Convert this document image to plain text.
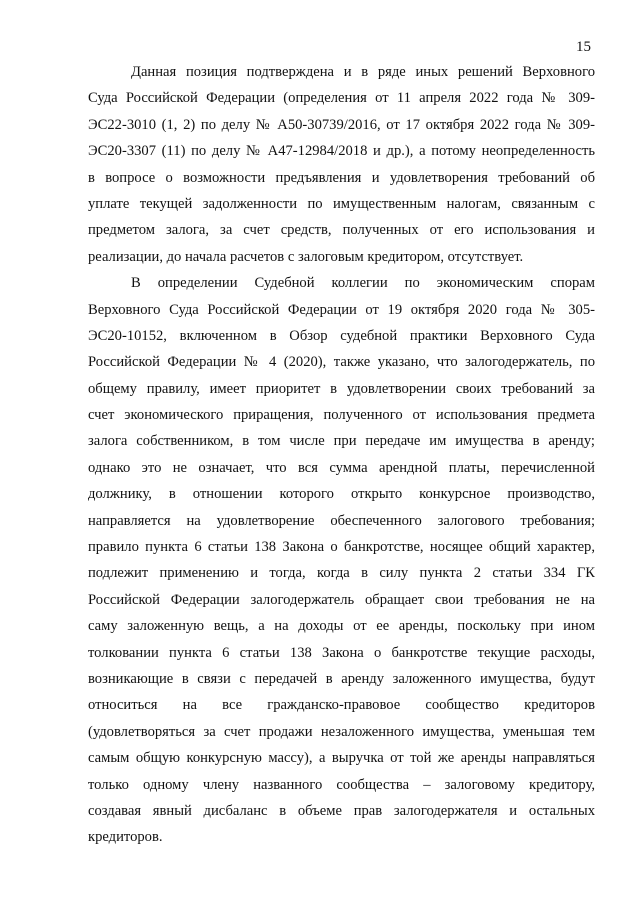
15
Данная позиция подтверждена и в ряде иных решений Верховного
Суда Российской Федерации (определения от 11 апреля 2022 года № 309-
ЭС22-3010 (1, 2) по делу № А50-30739/2016, от 17 октября 2022 года № 309-
ЭС20-3307 (11) по делу № А47-12984/2018 и др.), а потому неопределенность
в вопросе о возможности предъявления и удовлетворения требований об
уплате текущей задолженности по имущественным налогам, связанным с
предметом залога, за счет средств, полученных от его использования и
реализации, до начала расчетов с залоговым кредитором, отсутствует.
В определении Судебной коллегии по экономическим спорам
Верховного Суда Российской Федерации от 19 октября 2020 года № 305-
ЭС20-10152, включенном в Обзор судебной практики Верховного Суда
Российской Федерации № 4 (2020), также указано, что залогодержатель, по
общему правилу, имеет приоритет в удовлетворении своих требований за
счет экономического приращения, полученного от использования предмета
залога собственником, в том числе при передаче им имущества в аренду;
однако это не означает, что вся сумма арендной платы, перечисленной
должнику, в отношении которого открыто конкурсное производство,
направляется на удовлетворение обеспеченного залогового требования;
правило пункта 6 статьи 138 Закона о банкротстве, носящее общий характер,
подлежит применению и тогда, когда в силу пункта 2 статьи 334 ГК
Российской Федерации залогодержатель обращает свои требования не на
саму заложенную вещь, а на доходы от ее аренды, поскольку при ином
толковании пункта 6 статьи 138 Закона о банкротстве текущие расходы,
возникающие в связи с передачей в аренду заложенного имущества, будут
относиться на все гражданско-правовое сообщество кредиторов
(удовлетворяться за счет продажи незаложенного имущества, уменьшая тем
самым общую конкурсную массу), а выручка от той же аренды направляться
только одному члену названного сообщества – залоговому кредитору,
создавая явный дисбаланс в объеме прав залогодержателя и остальных
кредиторов.
